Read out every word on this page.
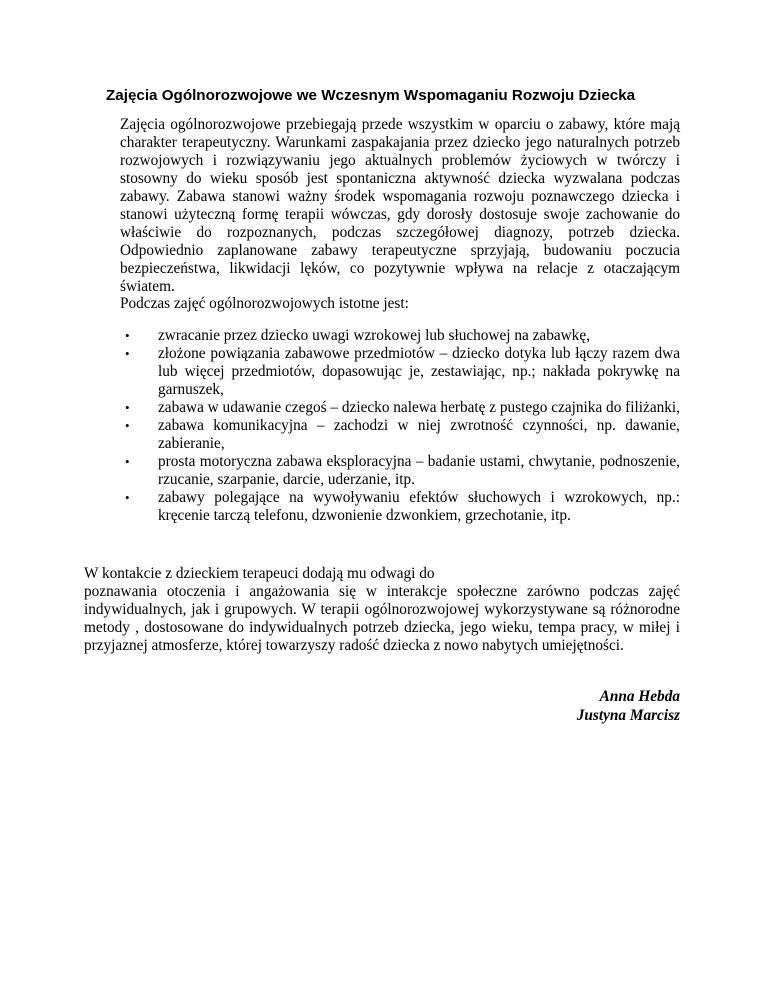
Zajęcia Ogólnorozwojowe we Wczesnym Wspomaganiu Rozwoju Dziecka

Zajęcia ogólnorozwojowe przebiegają przede wszystkim w oparciu o zabawy, które mają charakter terapeutyczny. Warunkami zaspakajania przez dziecko jego naturalnych potrzeb rozwojowych i rozwiązywaniu jego aktualnych problemów życiowych w twórczy i stosowny do wieku sposób jest spontaniczna aktywność dziecka wyzwalana podczas zabawy. Zabawa stanowi ważny środek wspomagania rozwoju poznawczego dziecka i stanowi użyteczną formę terapii wówczas, gdy dorosły dostosuje swoje zachowanie do właściwie do rozpoznanych, podczas szczegółowej diagnozy, potrzeb dziecka. Odpowiednio zaplanowane zabawy terapeutyczne sprzyjają, budowaniu poczucia bezpieczeństwa, likwidacji lęków, co pozytywnie wpływa na relacje z otaczającym światem.

Podczas zajęć ogólnorozwojowych istotne jest:

• zwracanie przez dziecko uwagi wzrokowej lub słuchowej na zabawkę,
• złożone powiązania zabawowe przedmiotów – dziecko dotyka lub łączy razem dwa lub więcej przedmiotów, dopasowując je, zestawiając, np.; nakłada pokrywkę na garnuszek,
• zabawa w udawanie czegoś – dziecko nalewa herbatę z pustego czajnika do filiżanki,
• zabawa komunikacyjna – zachodzi w niej zwrotność czynności, np. dawanie, zabieranie,
• prosta motoryczna zabawa eksploracyjna – badanie ustami, chwytanie, podnoszenie, rzucanie, szarpanie, darcie, uderzanie, itp.
• zabawy polegające na wywoływaniu efektów słuchowych i wzrokowych, np.: kręcenie tarczą telefonu, dzwonienie dzwonkiem, grzechotanie, itp.

W kontakcie z dzieckiem terapeuci dodają mu odwagi do
poznawania otoczenia i angażowania się w interakcje społeczne zarówno podczas zajęć indywidualnych, jak i grupowych. W terapii ogólnorozwojowej wykorzystywane są różnorodne metody , dostosowane do indywidualnych potrzeb dziecka, jego wieku, tempa pracy, w miłej i przyjaznej atmosferze, której towarzyszy radość dziecka z nowo nabytych umiejętności.

Anna Hebda
Justyna Marcisz
